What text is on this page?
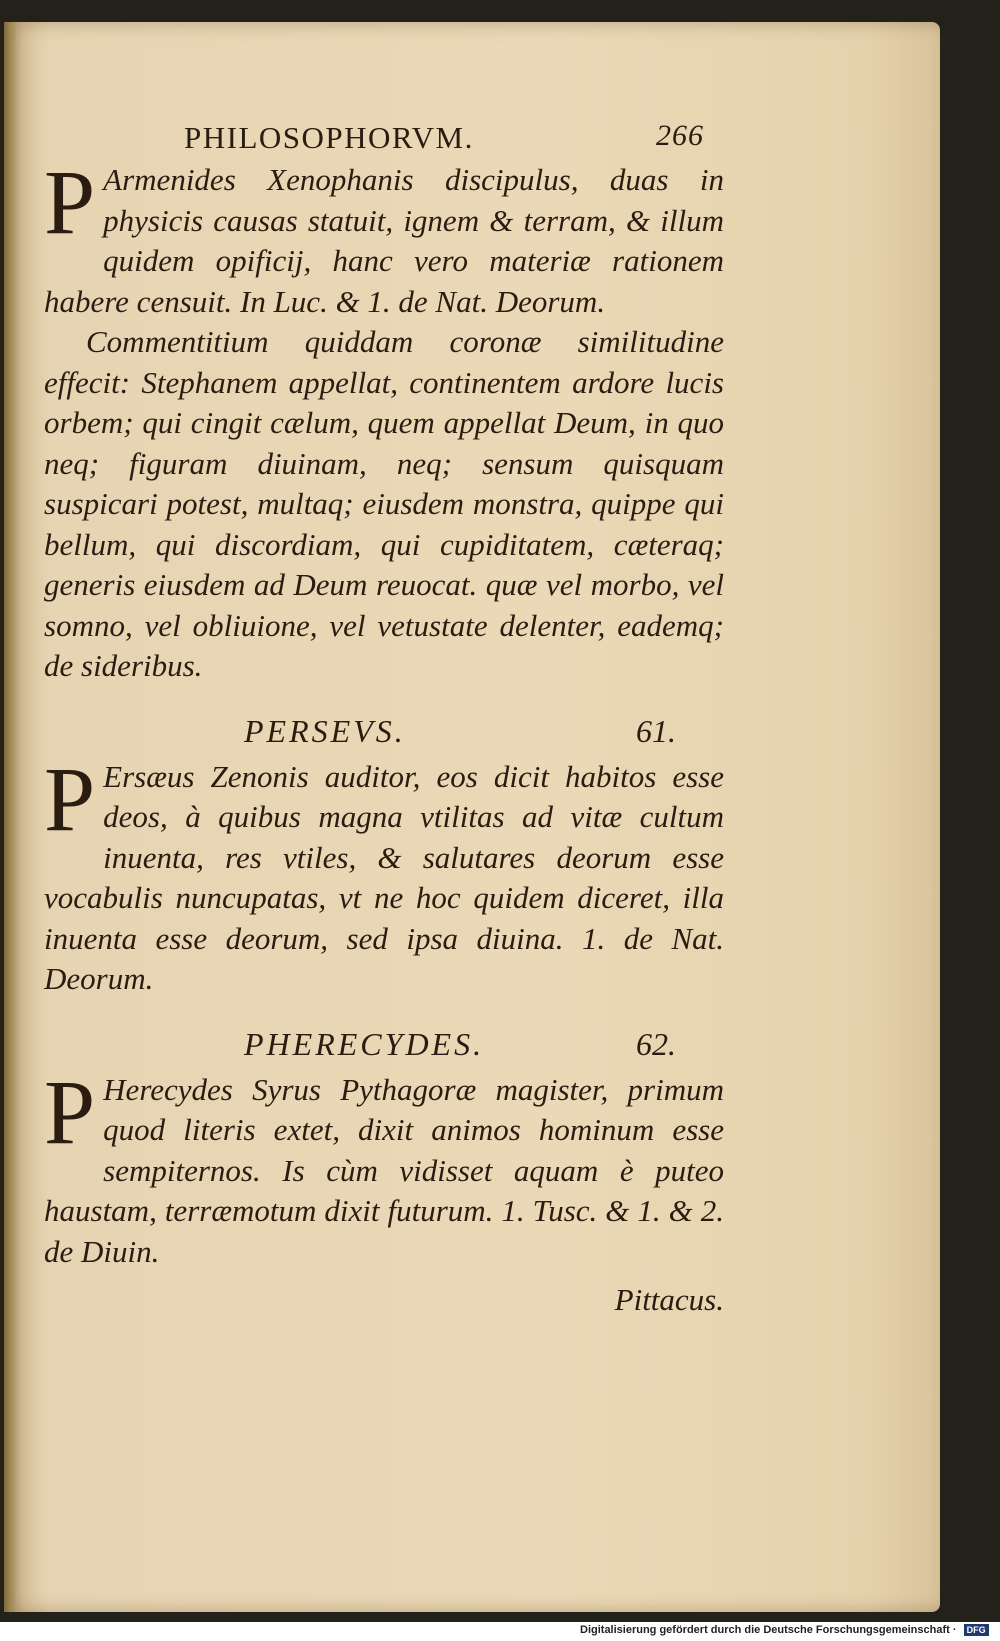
PHILOSOPHORVM.	266
P Armenides Xenophanis discipulus, duas in physicis causas statuit, ignem & terram, & illum quidem opificij, hanc vero materiæ rationem habere censuit. In Luc. & 1. de Nat. Deorum.

Commentitium quiddam coronæ similitudine effecit: Stephanem appellat, continentem ardore lucis orbem; qui cingit cælum, quem appellat Deum, in quo neq; figuram diuinam, neq; sensum quisquam suspicari potest, multaq; eiusdem monstra, quippe qui bellum, qui discordiam, qui cupiditatem, cæteraq; generis eiusdem ad Deum reuocat. quæ vel morbo, vel somno, vel obliuione, vel vetustate delenter, eademq; de sideribus.

PERSEVS.	61.
P Ersæus Zenonis auditor, eos dicit habitos esse deos, à quibus magna vtilitas ad vitæ cultum inuenta, res vtiles, & salutares deorum esse vocabulis nuncupatas, vt ne hoc quidem diceret, illa inuenta esse deorum, sed ipsa diuina. 1. de Nat. Deorum.

PHERECYDES.	62.
P Herecydes Syrus Pythagoræ magister, primum quod literis extet, dixit animos hominum esse sempiternos. Is cùm vidisset aquam è puteo haustam, terræmotum dixit futurum. 1. Tusc. & 1. & 2. de Diuin.

Pittacus.
Digitalisierung gefördert durch die Deutsche Forschungsgemeinschaft · DFG
